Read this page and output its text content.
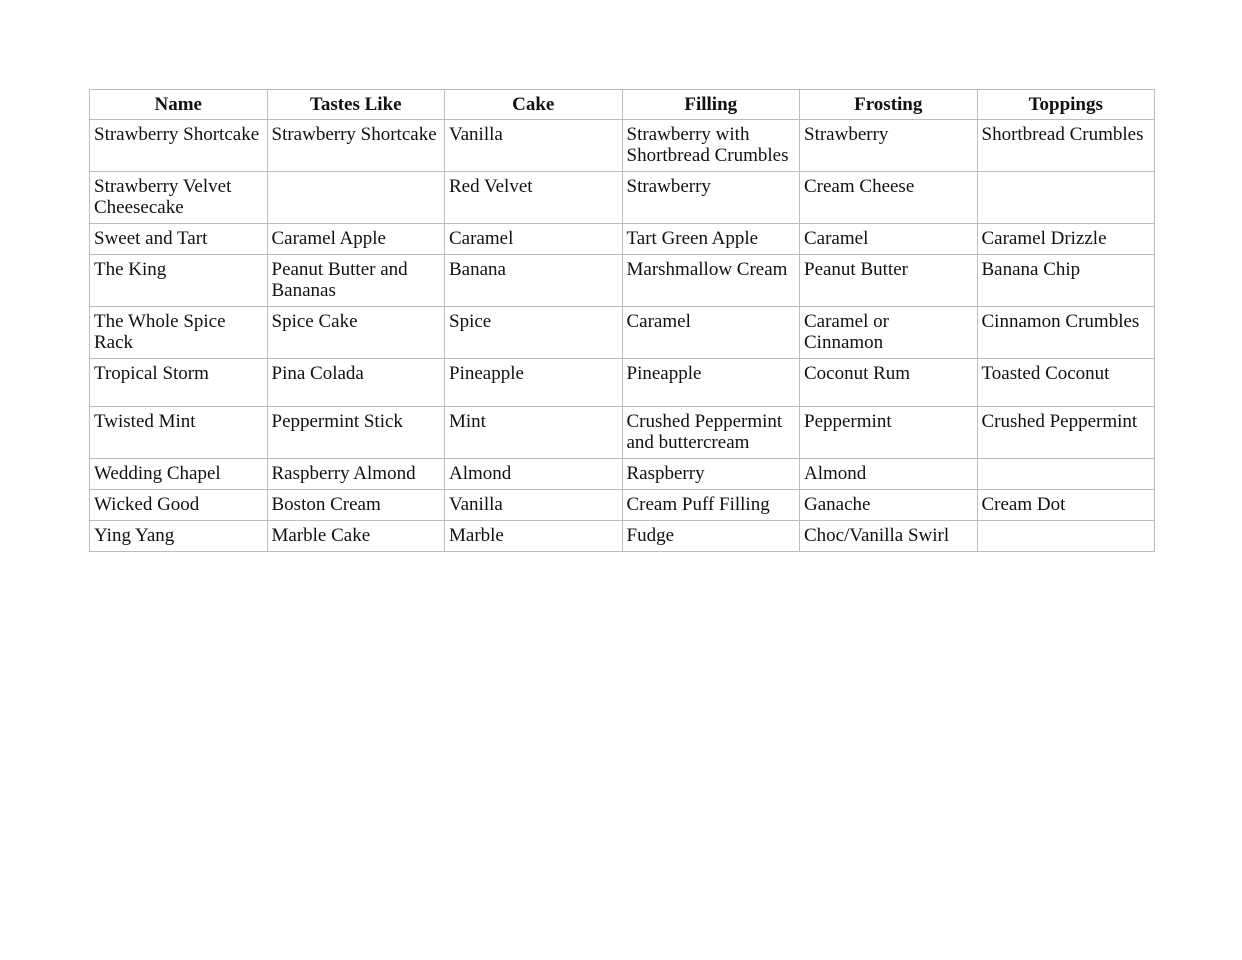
Name	Tastes Like	Cake	Filling	Frosting	Toppings
Strawberry Shortcake	Strawberry Shortcake	Vanilla	Strawberry with Shortbread Crumbles	Strawberry	Shortbread Crumbles
Strawberry Velvet Cheesecake		Red Velvet	Strawberry	Cream Cheese	
Sweet and Tart	Caramel Apple	Caramel	Tart Green Apple	Caramel	Caramel Drizzle
The King	Peanut Butter and Bananas	Banana	Marshmallow Cream	Peanut Butter	Banana Chip
The Whole Spice Rack	Spice Cake	Spice	Caramel	Caramel or Cinnamon	Cinnamon Crumbles
Tropical Storm	Pina Colada	Pineapple	Pineapple	Coconut Rum	Toasted Coconut
Twisted Mint	Peppermint Stick	Mint	Crushed Peppermint and buttercream	Peppermint	Crushed Peppermint
Wedding Chapel	Raspberry Almond	Almond	Raspberry	Almond	
Wicked Good	Boston Cream	Vanilla	Cream Puff Filling	Ganache	Cream Dot
Ying Yang	Marble Cake	Marble	Fudge	Choc/Vanilla Swirl	
